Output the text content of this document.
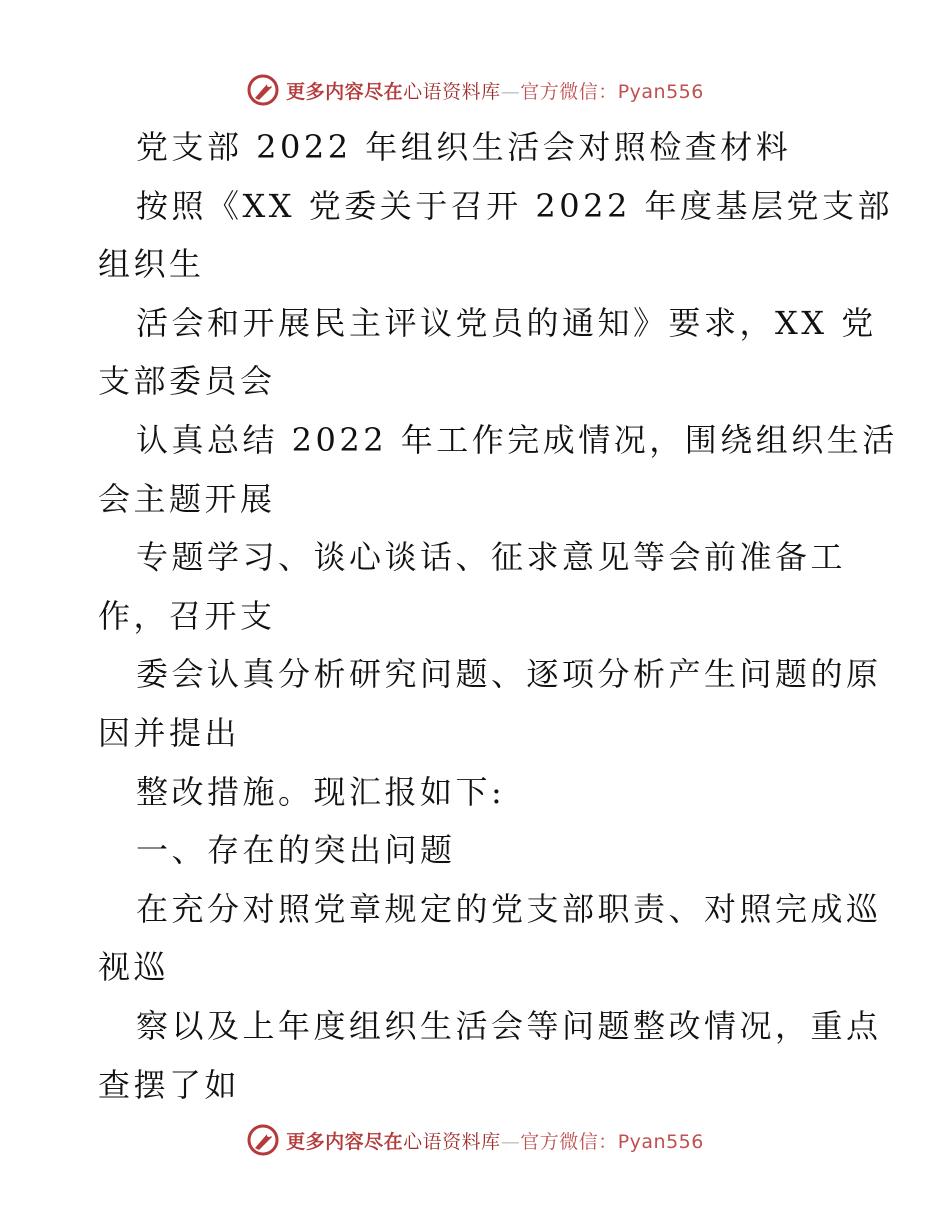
更多内容尽在心语资料库—官方微信：Pyan556
党支部 2022 年组织生活会对照检查材料
按照《XX 党委关于召开 2022 年度基层党支部
组织生
活会和开展民主评议党员的通知》要求，XX 党
支部委员会
认真总结 2022 年工作完成情况，围绕组织生活
会主题开展
专题学习、谈心谈话、征求意见等会前准备工
作，召开支
委会认真分析研究问题、逐项分析产生问题的原
因并提出
整改措施。现汇报如下:
一、存在的突出问题
在充分对照党章规定的党支部职责、对照完成巡
视巡
察以及上年度组织生活会等问题整改情况，重点
查摆了如
更多内容尽在心语资料库—官方微信：Pyan556
